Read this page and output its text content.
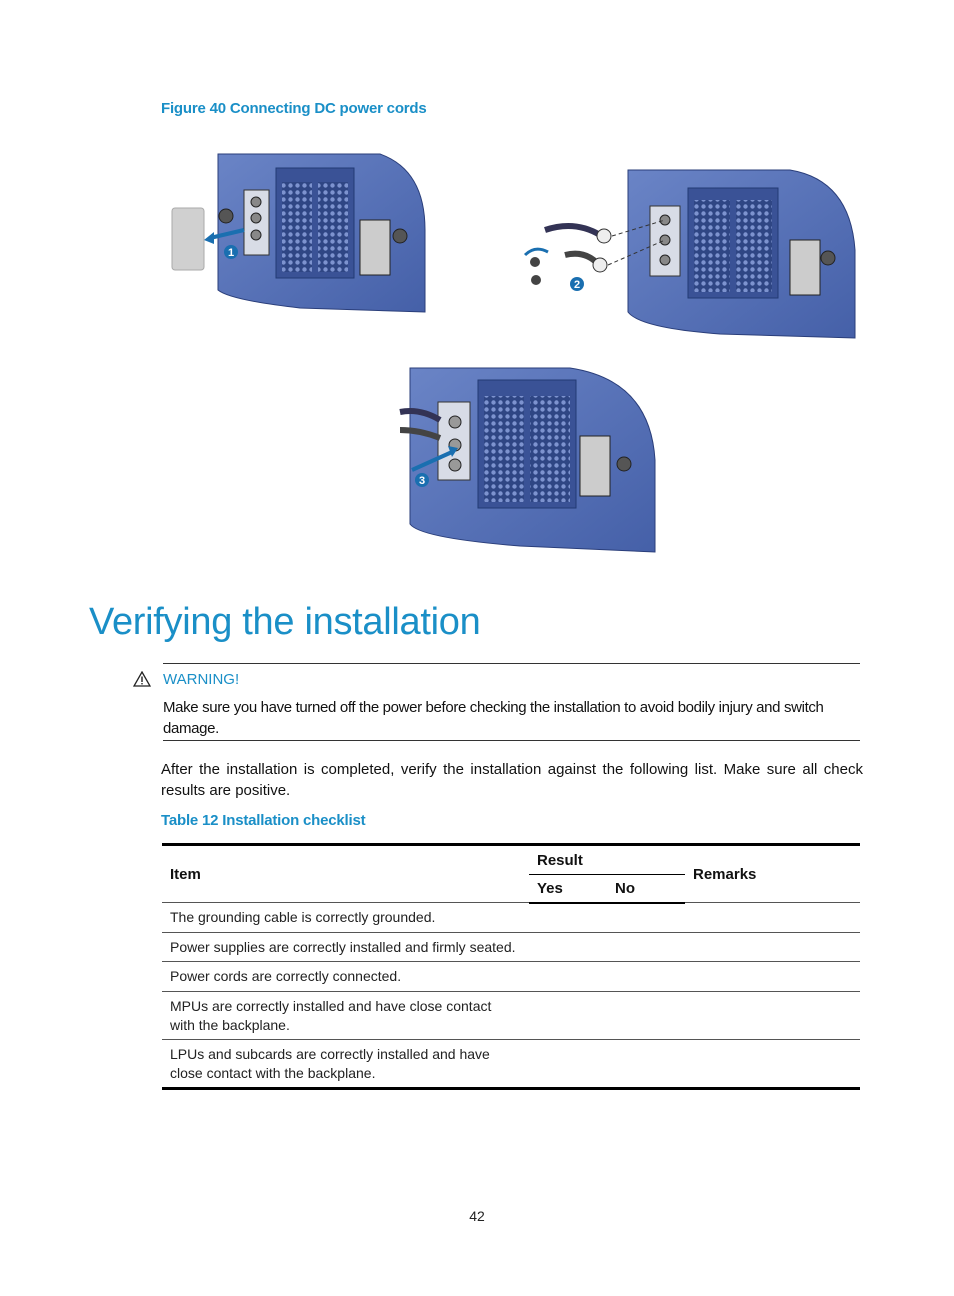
Figure 40 Connecting DC power cords
1
2
3
Verifying the installation
WARNING!
Make sure you have turned off the power before checking the installation to avoid bodily injury and switch damage.
After the installation is completed, verify the installation against the following list. Make sure all check results are positive.
Table 12 Installation checklist
Item	Result		Remarks
	Yes	No	
The grounding cable is correctly grounded.			
Power supplies are correctly installed and firmly seated.			
Power cords are correctly connected.			
MPUs are correctly installed and have close contact with the backplane.			
LPUs and subcards are correctly installed and have close contact with the backplane.			
42
